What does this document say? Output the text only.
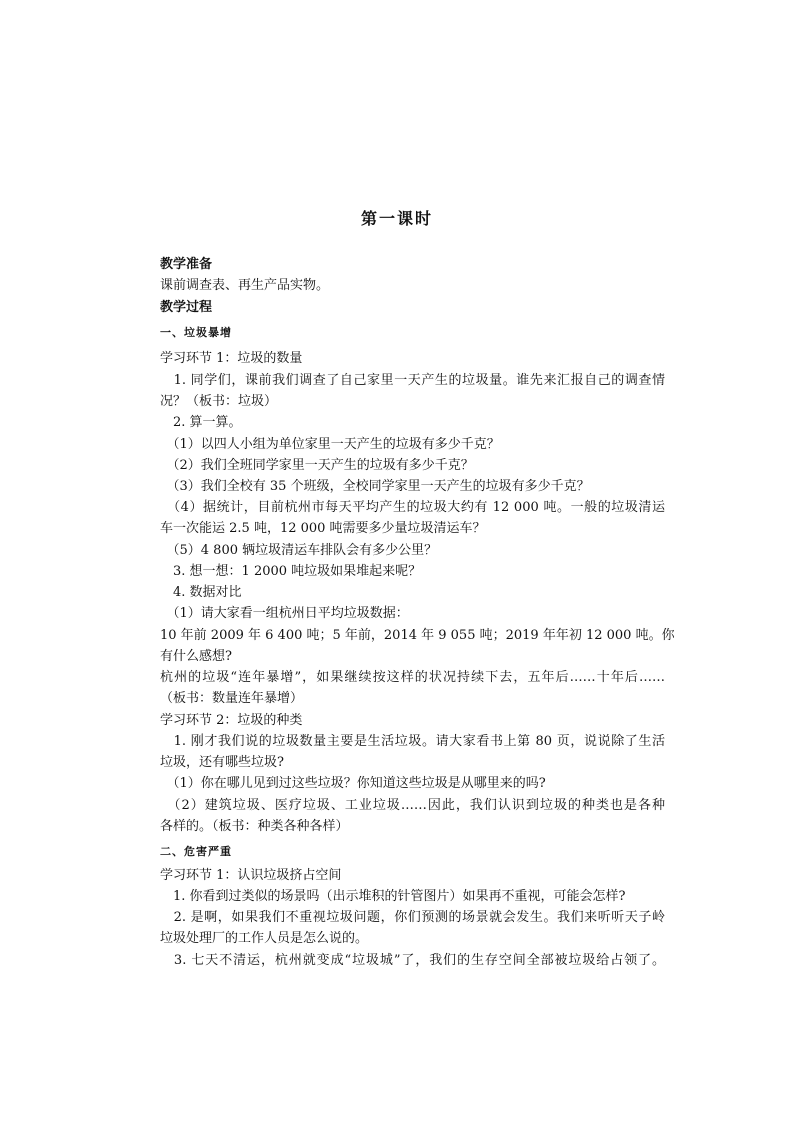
第一课时
教学准备
课前调查表、再生产品实物。
教学过程
一、垃圾暴增
学习环节 1：垃圾的数量
　1. 同学们，课前我们调查了自己家里一天产生的垃圾量。谁先来汇报自己的调查情
况？（板书：垃圾）
　2. 算一算。
　（1）以四人小组为单位家里一天产生的垃圾有多少千克？
　（2）我们全班同学家里一天产生的垃圾有多少千克？
　（3）我们全校有 35 个班级，全校同学家里一天产生的垃圾有多少千克？
　（4）据统计，目前杭州市每天平均产生的垃圾大约有 12 000 吨。一般的垃圾清运
车一次能运 2.5 吨，12 000 吨需要多少量垃圾清运车？
　（5）4 800 辆垃圾清运车排队会有多少公里？
　3. 想一想：1 2000 吨垃圾如果堆起来呢？
　4. 数据对比
　（1）请大家看一组杭州日平均垃圾数据：
10 年前 2009 年 6 400 吨；5 年前，2014 年 9 055 吨；2019 年年初 12 000 吨。你
有什么感想?
杭州的垃圾“连年暴增”，如果继续按这样的状况持续下去，五年后……十年后……
（板书：数量连年暴增）
学习环节 2：垃圾的种类
　1. 刚才我们说的垃圾数量主要是生活垃圾。请大家看书上第 80 页，说说除了生活
垃圾，还有哪些垃圾?
　（1）你在哪儿见到过这些垃圾？你知道这些垃圾是从哪里来的吗?
　（2）建筑垃圾、医疗垃圾、工业垃圾……因此，我们认识到垃圾的种类也是各种
各样的。（板书：种类各种各样）
二、危害严重
学习环节 1：认识垃圾挤占空间
　1. 你看到过类似的场景吗（出示堆积的针管图片）如果再不重视，可能会怎样?
　2. 是啊，如果我们不重视垃圾问题，你们预测的场景就会发生。我们来听听天子岭
垃圾处理厂的工作人员是怎么说的。
　3. 七天不清运，杭州就变成“垃圾城”了，我们的生存空间全部被垃圾给占领了。
